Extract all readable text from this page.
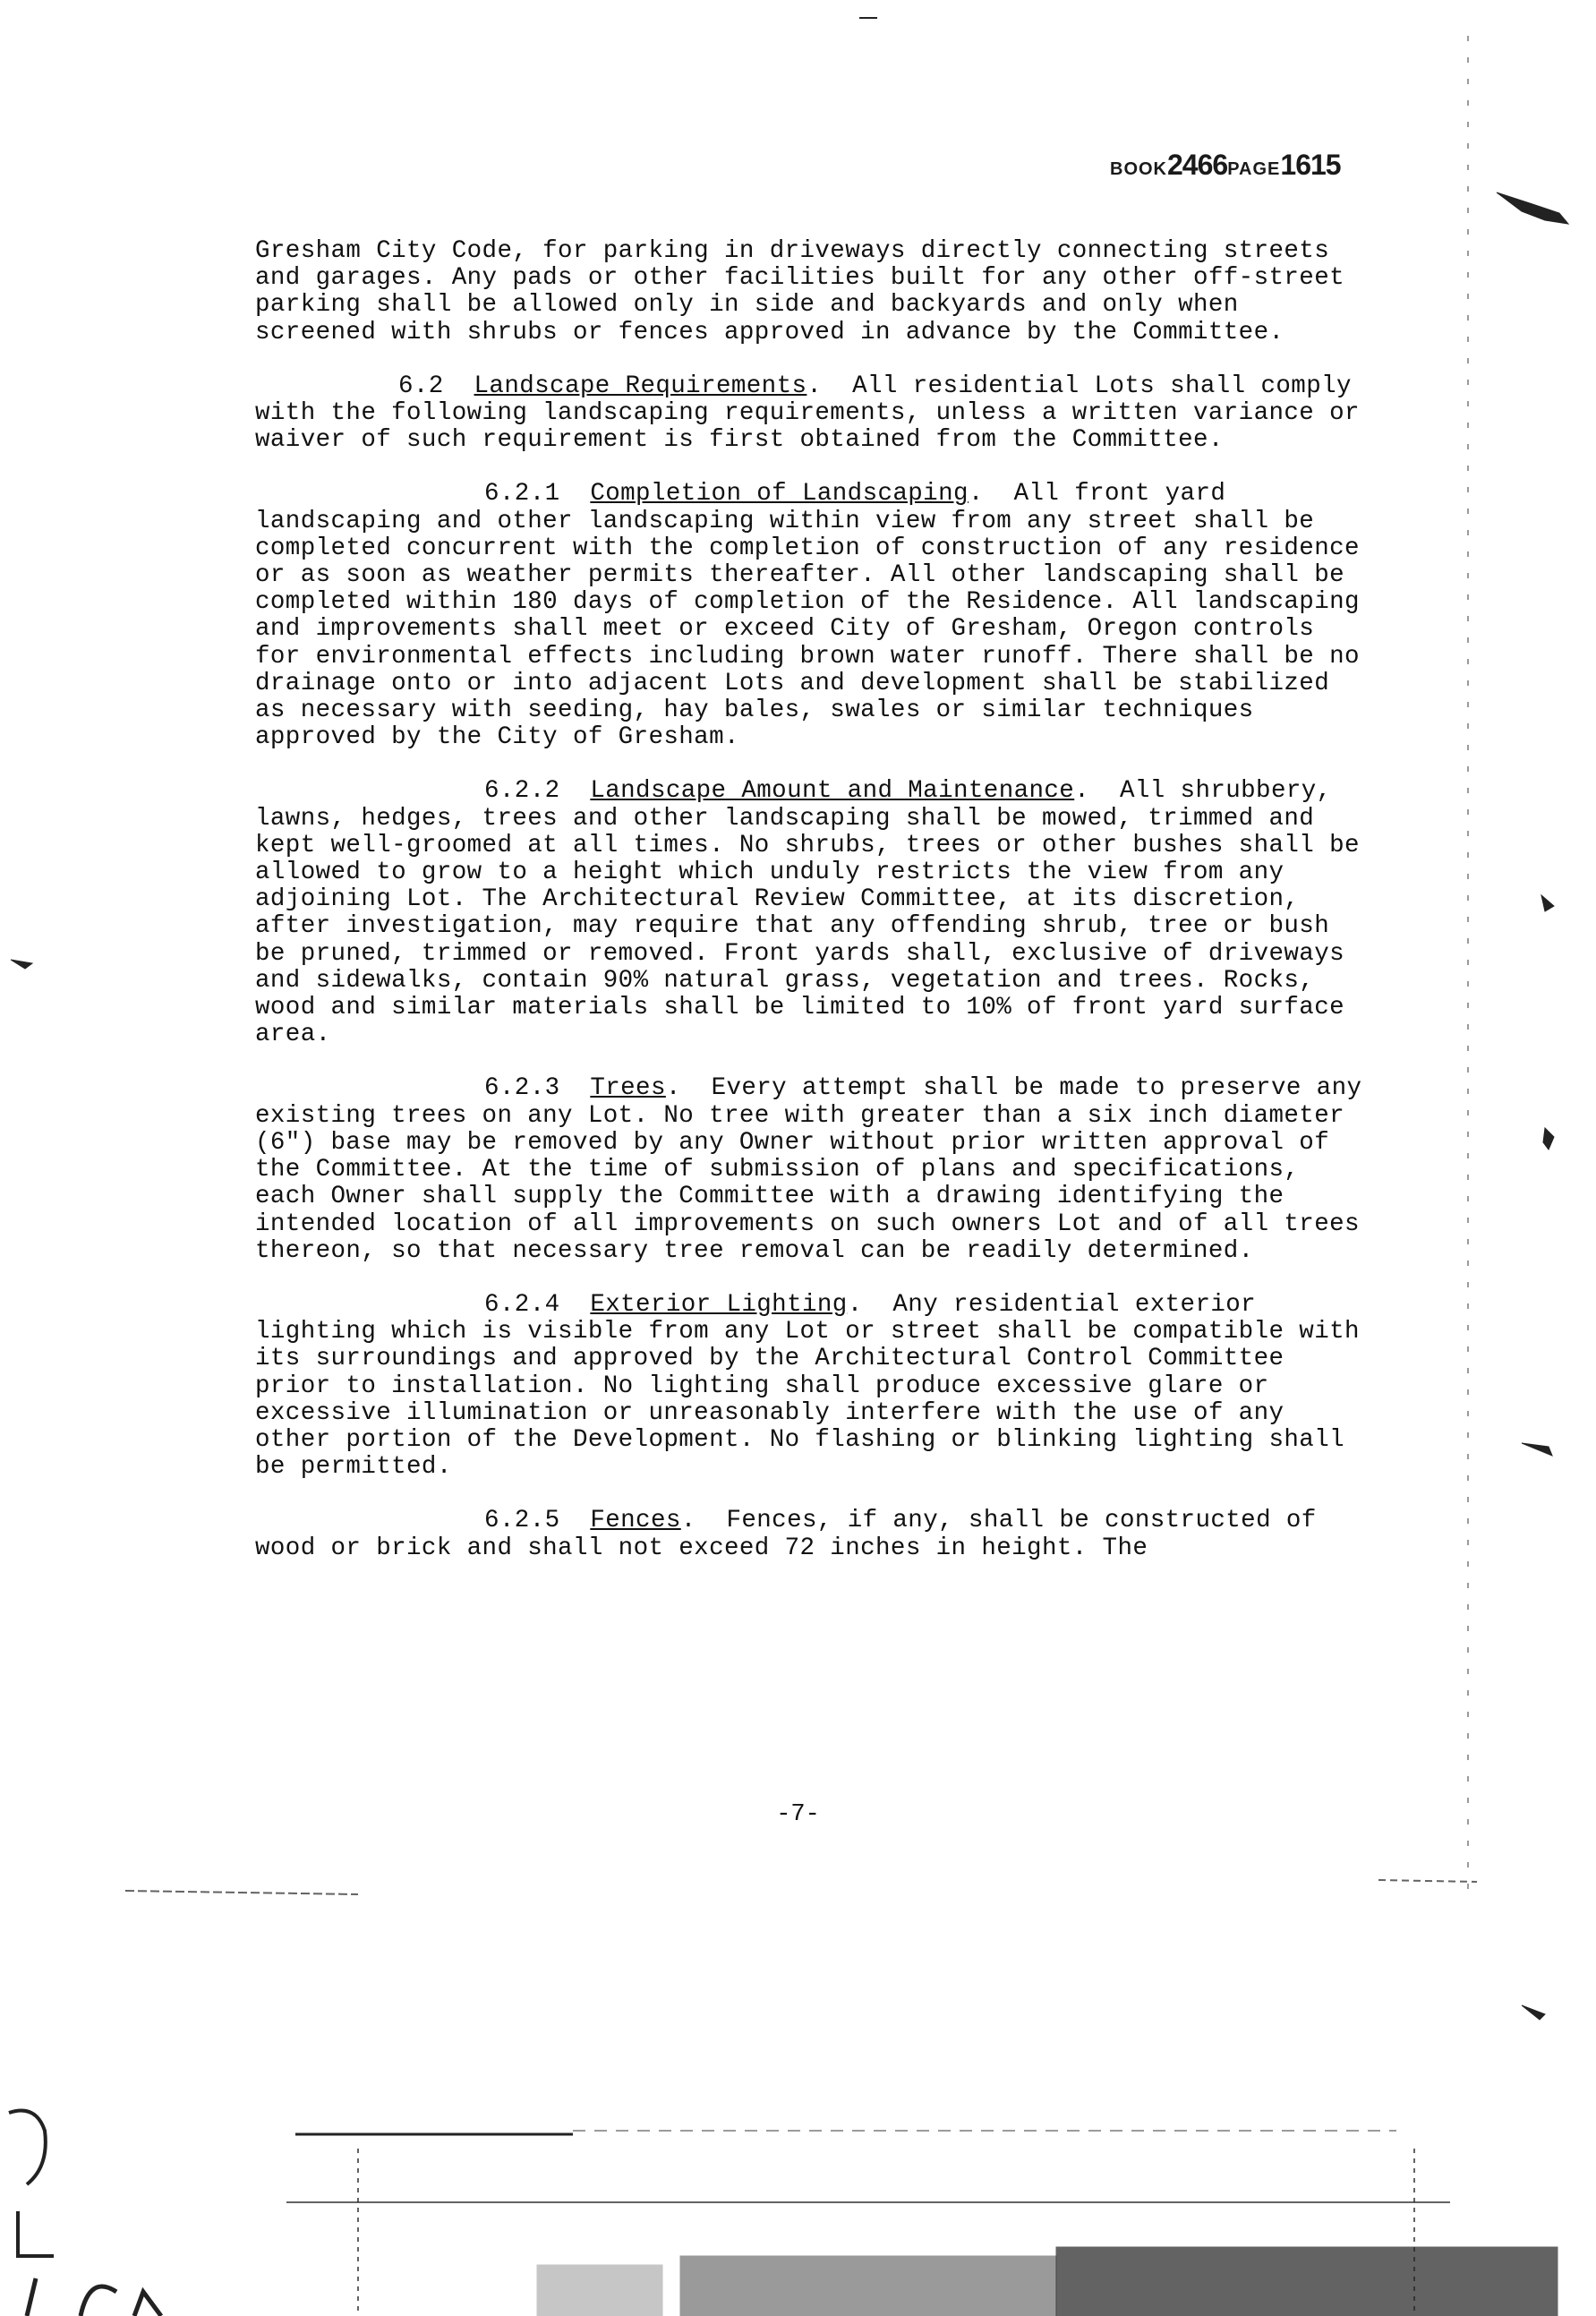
BOOK2466PAGE1615

Gresham City Code, for parking in driveways directly connecting streets and garages. Any pads or other facilities built for any other off-street parking shall be allowed only in side and backyards and only when screened with shrubs or fences approved in advance by the Committee.

6.2 Landscape Requirements.  All residential Lots shall comply with the following landscaping requirements, unless a written variance or waiver of such requirement is first obtained from the Committee.

6.2.1 Completion of Landscaping.  All front yard landscaping and other landscaping within view from any street shall be completed concurrent with the completion of construction of any residence or as soon as weather permits thereafter. All other landscaping shall be completed within 180 days of completion of the Residence. All landscaping and improvements shall meet or exceed City of Gresham, Oregon controls for environmental effects including brown water runoff. There shall be no drainage onto or into adjacent Lots and development shall be stabilized as necessary with seeding, hay bales, swales or similar techniques approved by the City of Gresham.

6.2.2 Landscape Amount and Maintenance.  All shrubbery, lawns, hedges, trees and other landscaping shall be mowed, trimmed and kept well-groomed at all times. No shrubs, trees or other bushes shall be allowed to grow to a height which unduly restricts the view from any adjoining Lot. The Architectural Review Committee, at its discretion, after investigation, may require that any offending shrub, tree or bush be pruned, trimmed or removed. Front yards shall, exclusive of driveways and sidewalks, contain 90% natural grass, vegetation and trees. Rocks, wood and similar materials shall be limited to 10% of front yard surface area.

6.2.3 Trees.  Every attempt shall be made to preserve any existing trees on any Lot. No tree with greater than a six inch diameter (6") base may be removed by any Owner without prior written approval of the Committee. At the time of submission of plans and specifications, each Owner shall supply the Committee with a drawing identifying the intended location of all improvements on such owners Lot and of all trees thereon, so that necessary tree removal can be readily determined.

6.2.4 Exterior Lighting.  Any residential exterior lighting which is visible from any Lot or street shall be compatible with its surroundings and approved by the Architectural Control Committee prior to installation. No lighting shall produce excessive glare or excessive illumination or unreasonably interfere with the use of any other portion of the Development. No flashing or blinking lighting shall be permitted.

6.2.5 Fences.  Fences, if any, shall be constructed of wood or brick and shall not exceed 72 inches in height. The

-7-
